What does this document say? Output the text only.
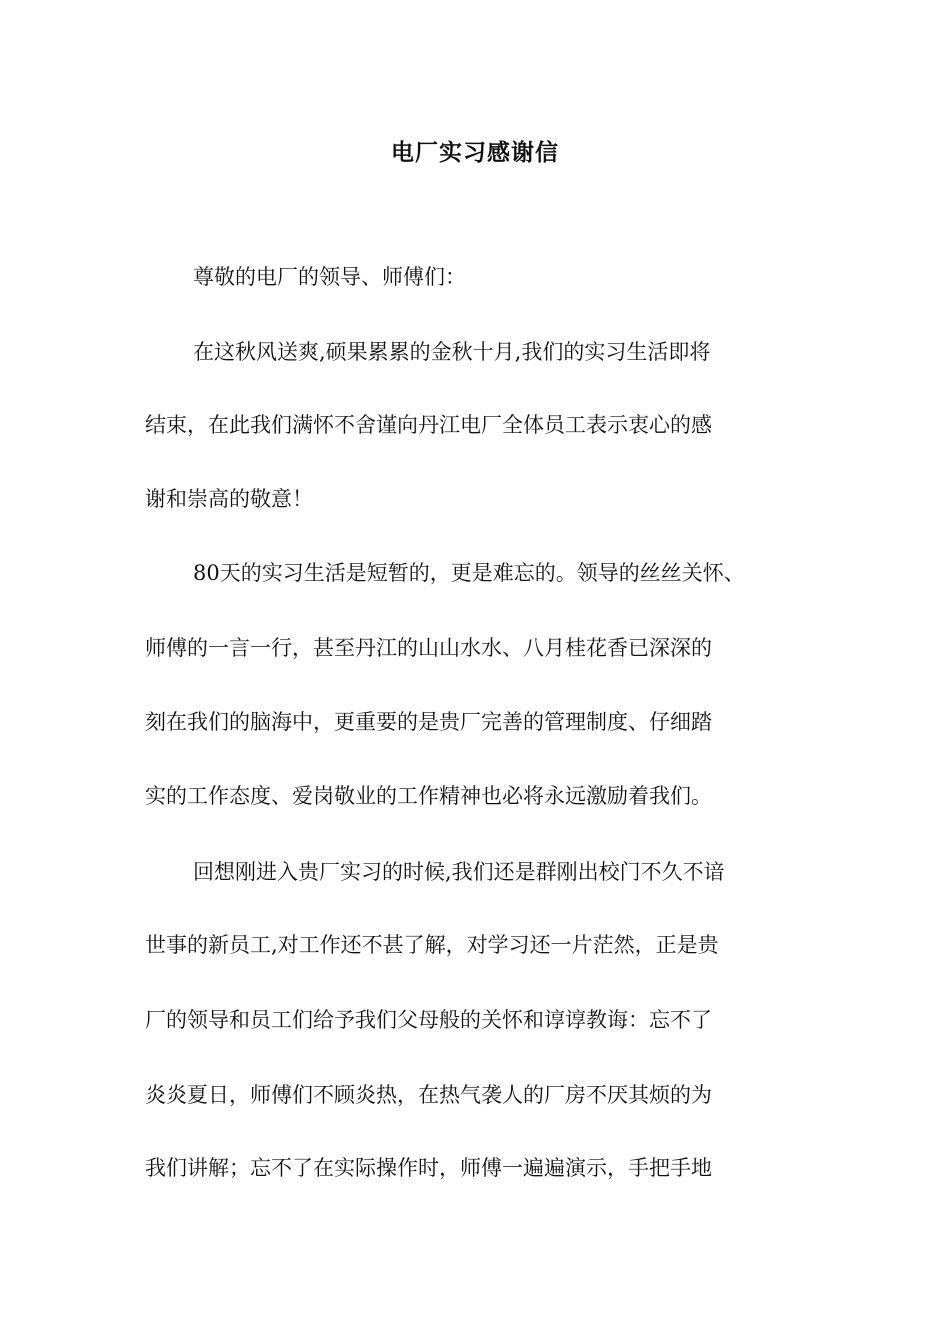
电厂实习感谢信
尊敬的电厂的领导、师傅们：
在这秋风送爽,硕果累累的金秋十月,我们的实习生活即将
结束，在此我们满怀不舍谨向丹江电厂全体员工表示衷心的感
谢和崇高的敬意！
80天的实习生活是短暂的，更是难忘的。领导的丝丝关怀、
师傅的一言一行，甚至丹江的山山水水、八月桂花香已深深的
刻在我们的脑海中，更重要的是贵厂完善的管理制度、仔细踏
实的工作态度、爱岗敬业的工作精神也必将永远激励着我们。
回想刚进入贵厂实习的时候,我们还是群刚出校门不久不谙
世事的新员工,对工作还不甚了解，对学习还一片茫然，正是贵
厂的领导和员工们给予我们父母般的关怀和谆谆教诲：忘不了
炎炎夏日，师傅们不顾炎热，在热气袭人的厂房不厌其烦的为
我们讲解；忘不了在实际操作时，师傅一遍遍演示，手把手地
